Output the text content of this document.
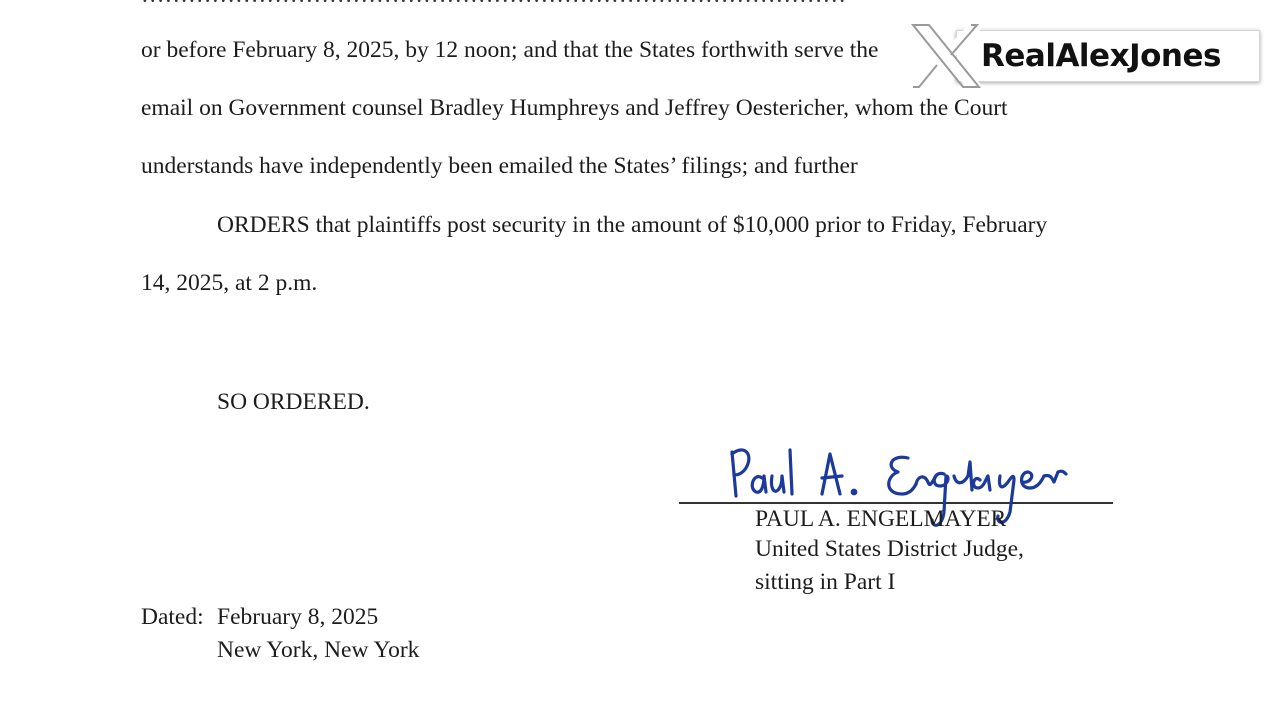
or before February 8, 2025, by 12 noon; and that the States forthwith serve the
email on Government counsel Bradley Humphreys and Jeffrey Oestericher, whom the Court
understands have independently been emailed the States’ filings; and further
ORDERS that plaintiffs post security in the amount of $10,000 prior to Friday, February
14, 2025, at 2 p.m.
SO ORDERED.
PAUL A. ENGELMAYER
United States District Judge,
sitting in Part I
Dated: February 8, 2025
New York, New York
RealAlexJones
